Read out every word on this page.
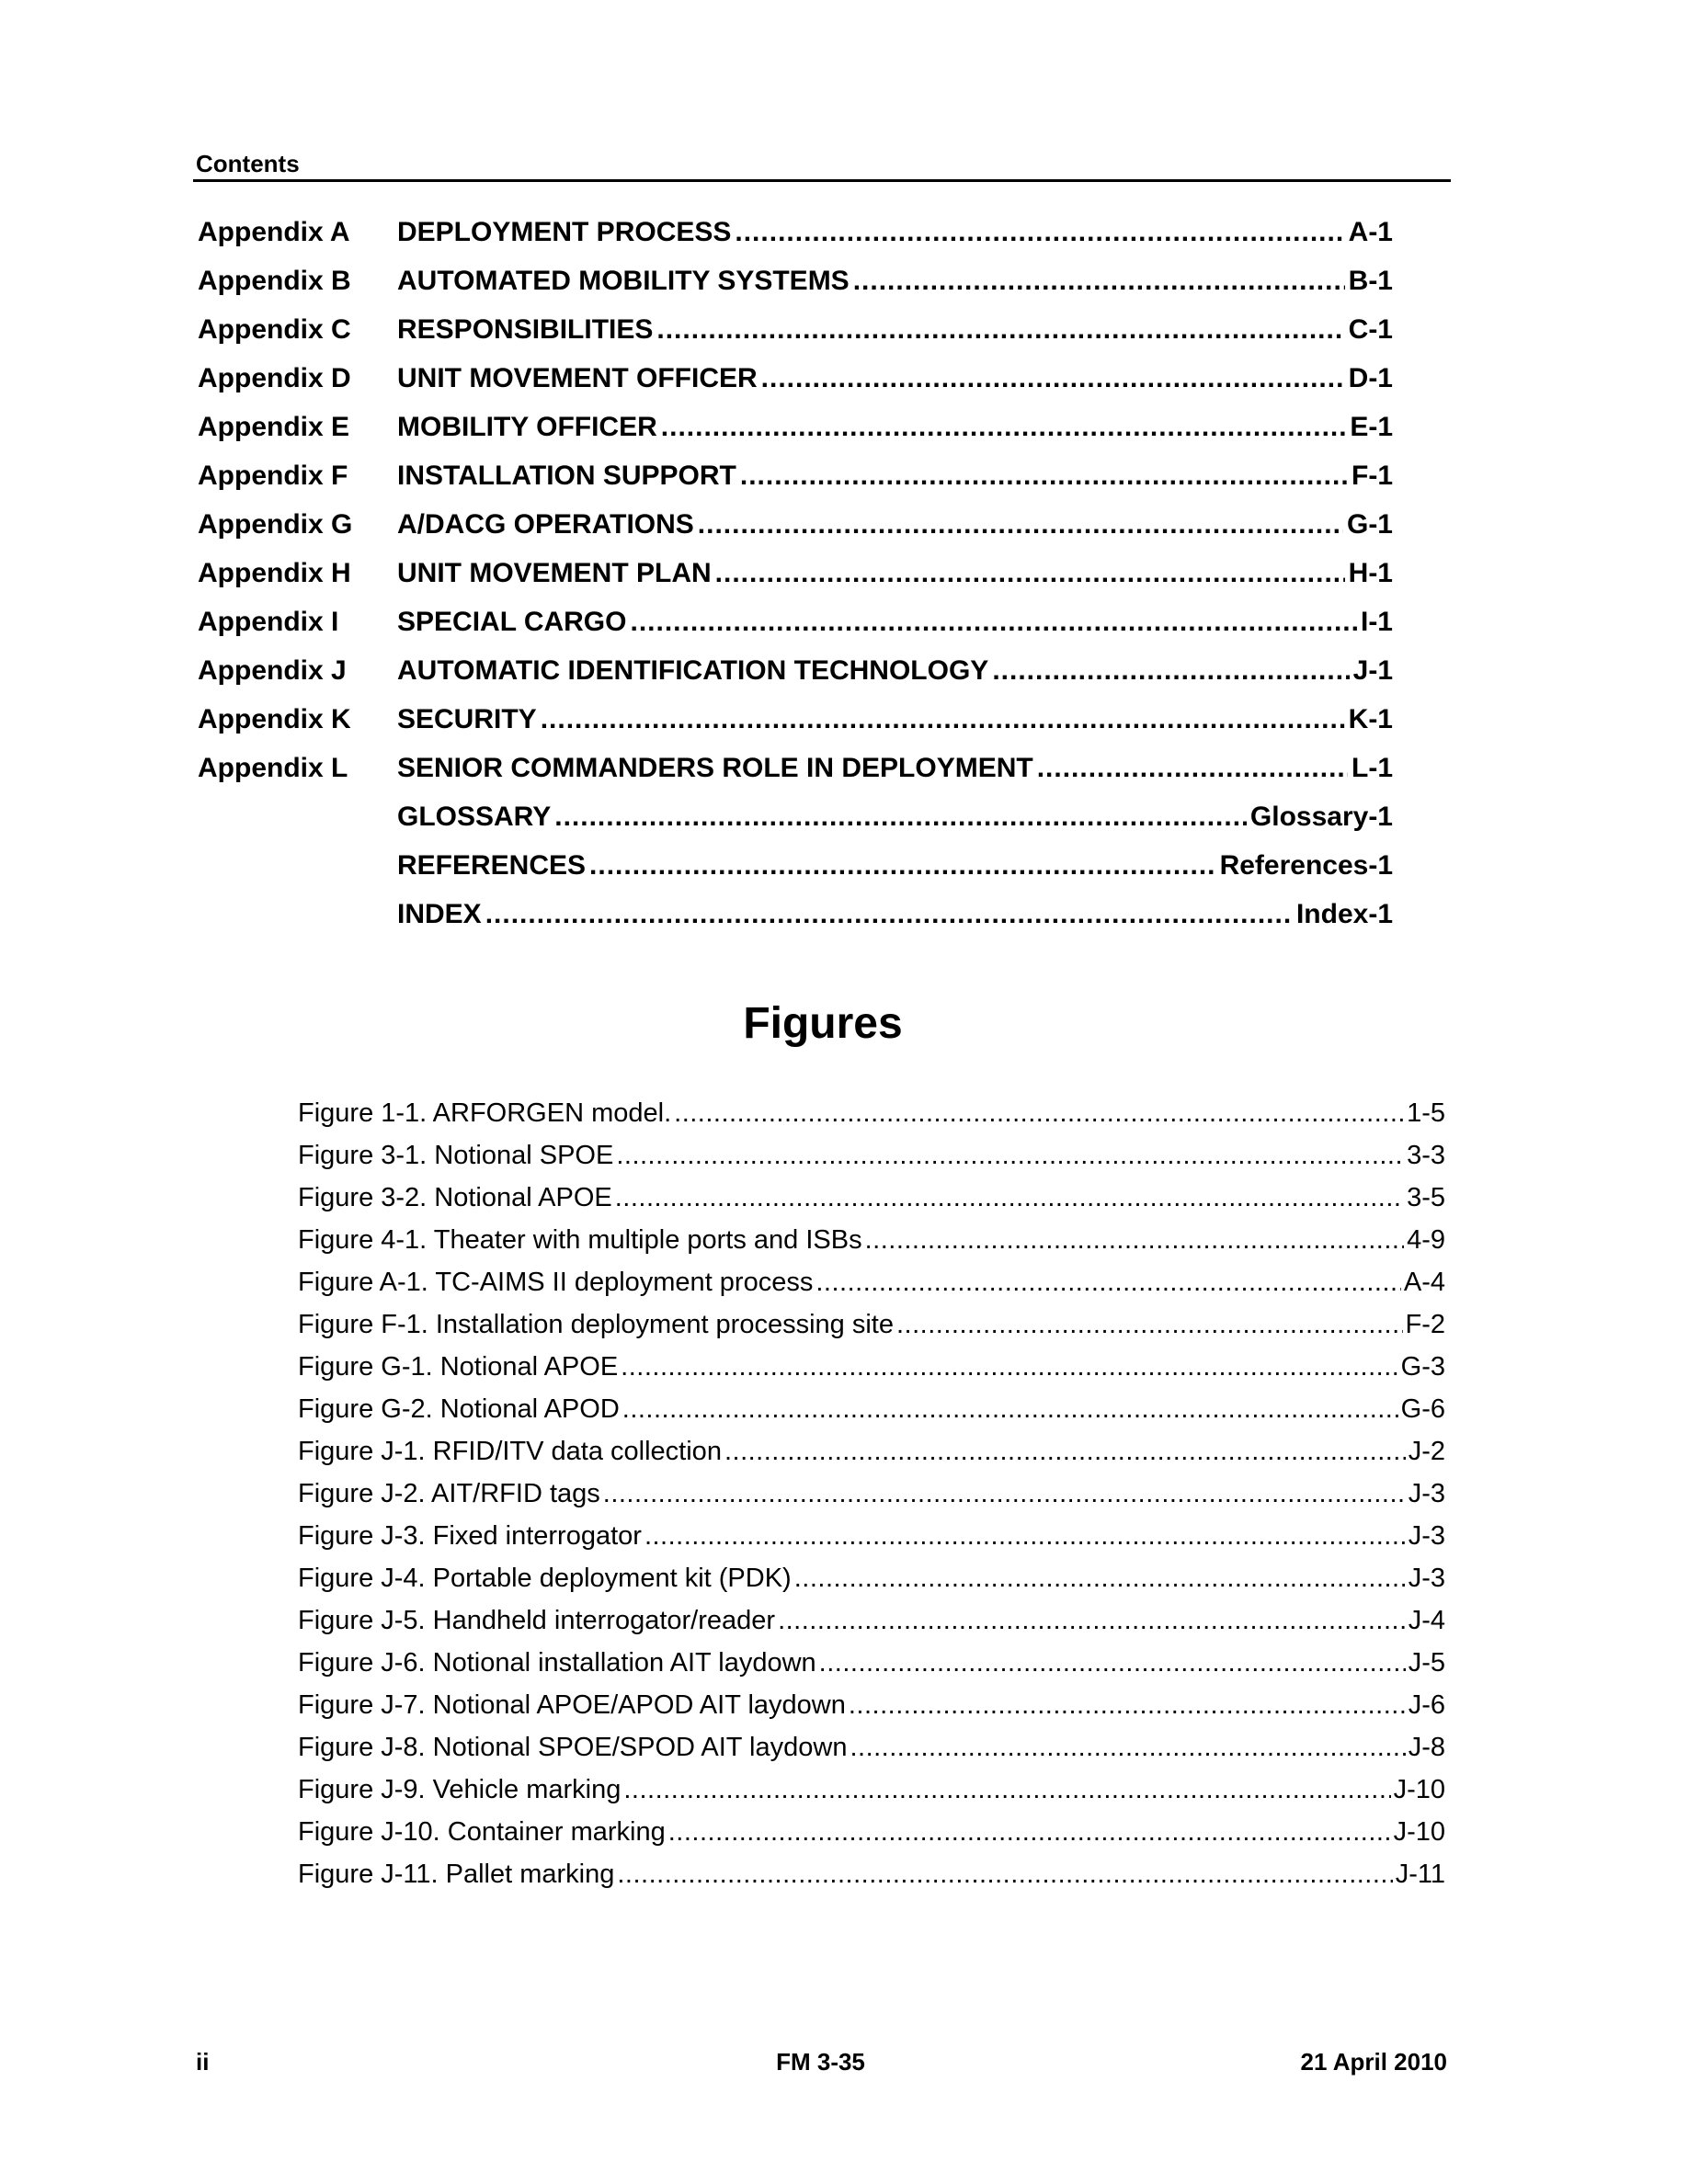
Contents
Appendix A DEPLOYMENT PROCESS .....	A-1
Appendix B AUTOMATED MOBILITY SYSTEMS .....	B-1
Appendix C RESPONSIBILITIES .....	C-1
Appendix D UNIT MOVEMENT OFFICER .....	D-1
Appendix E MOBILITY OFFICER .....	E-1
Appendix F INSTALLATION SUPPORT .....	F-1
Appendix G A/DACG OPERATIONS .....	G-1
Appendix H UNIT MOVEMENT PLAN .....	H-1
Appendix I SPECIAL CARGO .....	I-1
Appendix J AUTOMATIC IDENTIFICATION TECHNOLOGY .....	J-1
Appendix K SECURITY .....	K-1
Appendix L SENIOR COMMANDERS ROLE IN DEPLOYMENT .....	L-1
GLOSSARY .....	Glossary-1
REFERENCES .....	References-1
INDEX .....	Index-1
Figures
Figure 1-1. ARFORGEN model. .....	1-5
Figure 3-1. Notional SPOE .....	3-3
Figure 3-2. Notional APOE .....	3-5
Figure 4-1. Theater with multiple ports and ISBs .....	4-9
Figure A-1. TC-AIMS II deployment process .....	A-4
Figure F-1. Installation deployment processing site .....	F-2
Figure G-1. Notional APOE .....	G-3
Figure G-2. Notional APOD .....	G-6
Figure J-1. RFID/ITV data collection .....	J-2
Figure J-2. AIT/RFID tags .....	J-3
Figure J-3. Fixed interrogator .....	J-3
Figure J-4. Portable deployment kit (PDK) .....	J-3
Figure J-5. Handheld interrogator/reader .....	J-4
Figure J-6. Notional installation AIT laydown .....	J-5
Figure J-7. Notional APOE/APOD AIT laydown .....	J-6
Figure J-8. Notional SPOE/SPOD AIT laydown .....	J-8
Figure J-9. Vehicle marking .....	J-10
Figure J-10. Container marking .....	J-10
Figure J-11. Pallet marking .....	J-11
ii	FM 3-35	21 April 2010
